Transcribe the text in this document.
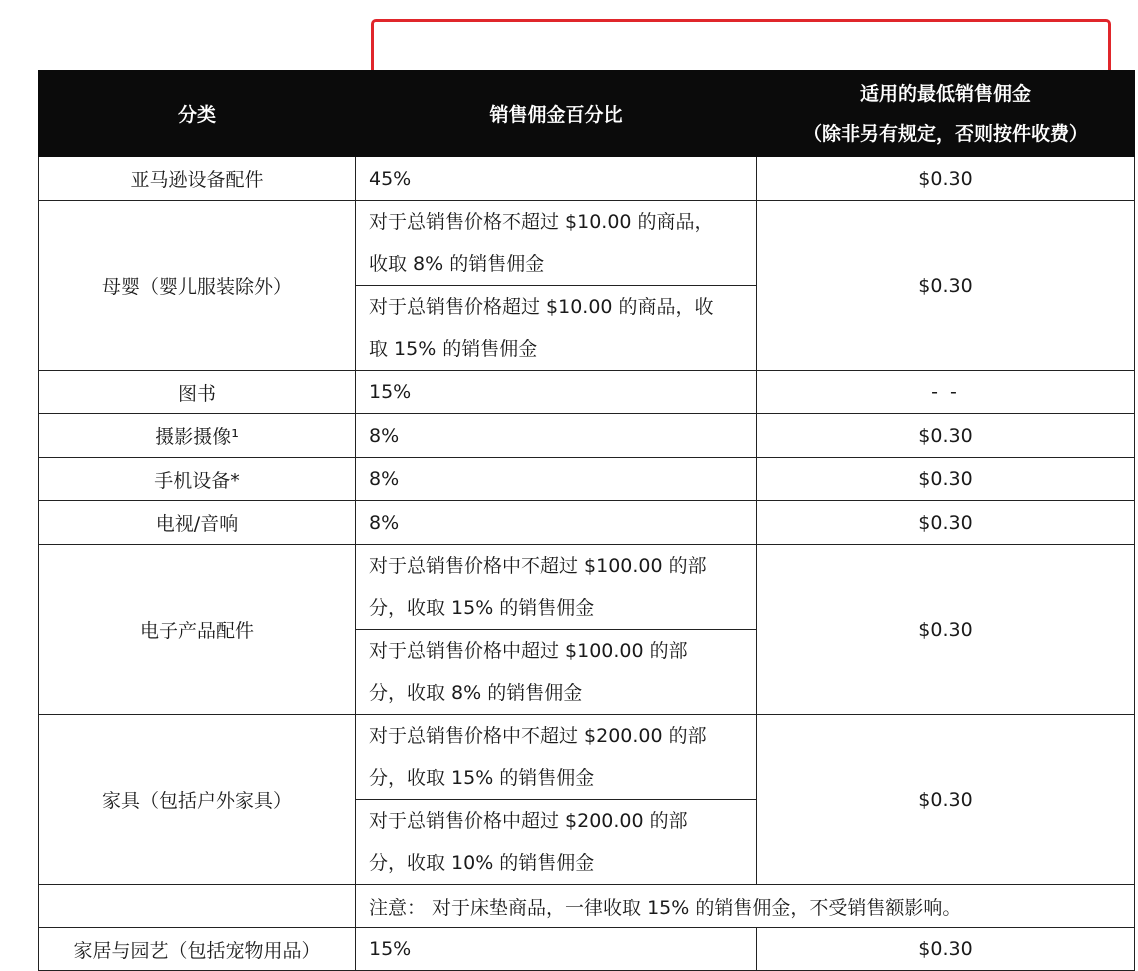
分类	销售佣金百分比	适用的最低销售佣金
（除非另有规定，否则按件收费）

亚马逊设备配件	45%	$0.30
母婴（婴儿服装除外）	对于总销售价格不超过 $10.00 的商品，
收取 8% 的销售佣金	$0.30

	对于总销售价格超过 $10.00 的商品，收
取 15% 的销售佣金	

图书	15%	- -
摄影摄像¹	8%	$0.30
手机设备*	8%	$0.30
电视/音响	8%	$0.30
电子产品配件	对于总销售价格中不超过 $100.00 的部
分，收取 15% 的销售佣金	$0.30

	对于总销售价格中超过 $100.00 的部
分，收取 8% 的销售佣金	

家具（包括户外家具）	对于总销售价格中不超过 $200.00 的部
分，收取 15% 的销售佣金	$0.30

	对于总销售价格中超过 $200.00 的部
分，收取 10% 的销售佣金	

	注意： 对于床垫商品，一律收取 15% 的销售佣金，不受销售额影响。	
家居与园艺（包括宠物用品）	15%	$0.30
